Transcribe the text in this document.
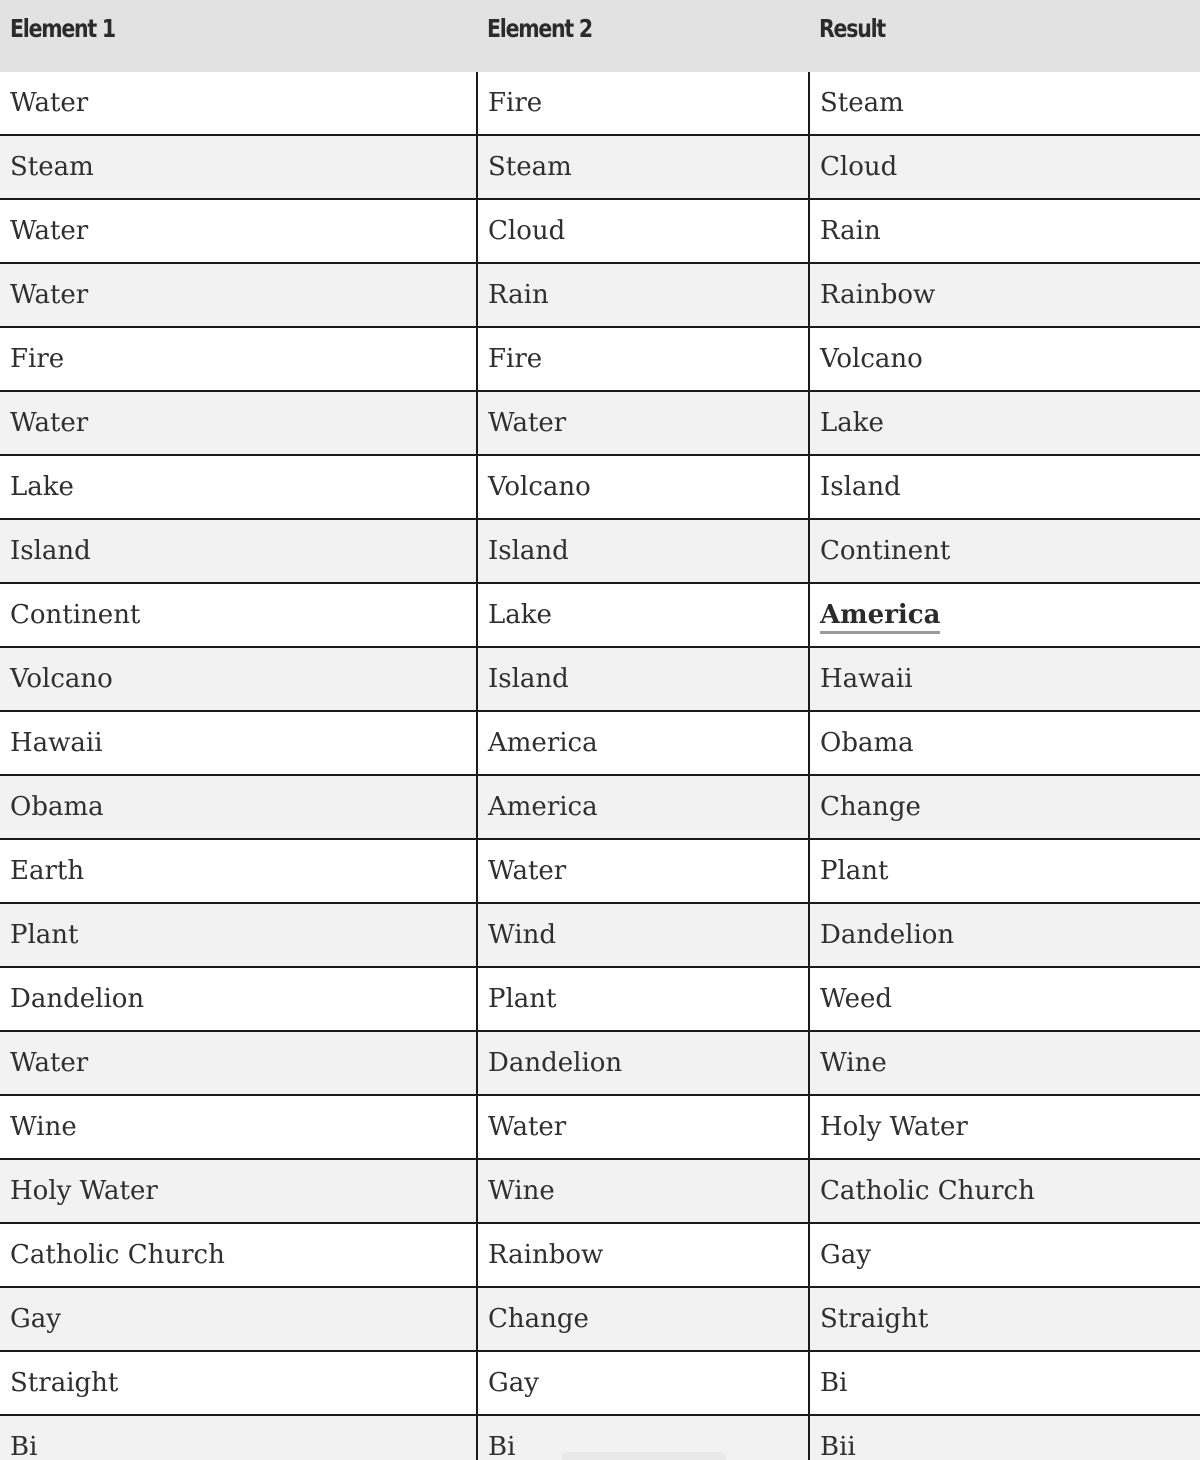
Element 1	Element 2	Result
Water	Fire	Steam
Steam	Steam	Cloud
Water	Cloud	Rain
Water	Rain	Rainbow
Fire	Fire	Volcano
Water	Water	Lake
Lake	Volcano	Island
Island	Island	Continent
Continent	Lake	America
Volcano	Island	Hawaii
Hawaii	America	Obama
Obama	America	Change
Earth	Water	Plant
Plant	Wind	Dandelion
Dandelion	Plant	Weed
Water	Dandelion	Wine
Wine	Water	Holy Water
Holy Water	Wine	Catholic Church
Catholic Church	Rainbow	Gay
Gay	Change	Straight
Straight	Gay	Bi
Bi	Bi	Bii
